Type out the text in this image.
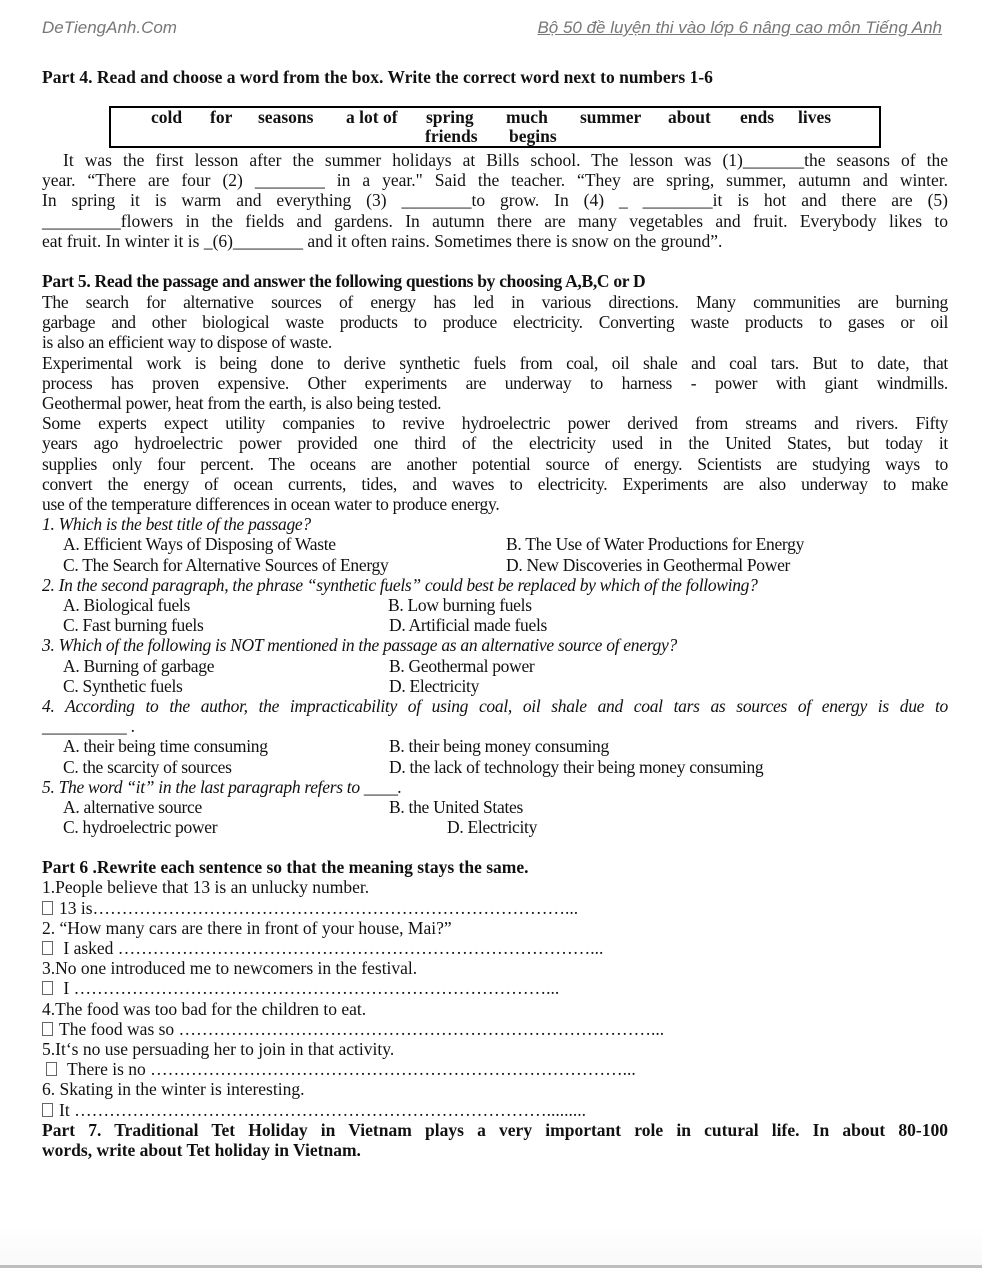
DeTiengAnh.Com	Bộ 50 đề luyện thi vào lớp 6 nâng cao môn Tiếng Anh
Part 4. Read and choose a word from the box. Write the correct word next to numbers 1-6
cold for seasons a lot of spring much summer about ends lives
friends begins
It was the first lesson after the summer holidays at Bills school. The lesson was (1)_______the seasons of the
year. “There are four (2) ________ in a year." Said the teacher. “They are spring, summer, autumn and winter.
In spring it is warm and everything (3) ________to grow. In (4) _ ________it is hot and there are (5)
_________flowers in the fields and gardens. In autumn there are many vegetables and fruit. Everybody likes to
eat fruit. In winter it is _(6)________ and it often rains. Sometimes there is snow on the ground”.
Part 5. Read the passage and answer the following questions by choosing A,B,C or D
The search for alternative sources of energy has led in various directions. Many communities are burning
garbage and other biological waste products to produce electricity. Converting waste products to gases or oil
is also an efficient way to dispose of waste.
Experimental work is being done to derive synthetic fuels from coal, oil shale and coal tars. But to date, that
process has proven expensive. Other experiments are underway to harness - power with giant windmills.
Geothermal power, heat from the earth, is also being tested.
Some experts expect utility companies to revive hydroelectric power derived from streams and rivers. Fifty
years ago hydroelectric power provided one third of the electricity used in the United States, but today it
supplies only four percent. The oceans are another potential source of energy. Scientists are studying ways to
convert the energy of ocean currents, tides, and waves to electricity. Experiments are also underway to make
use of the temperature differences in ocean water to produce energy.
1. Which is the best title of the passage?
A. Efficient Ways of Disposing of Waste	B. The Use of Water Productions for Energy
C. The Search for Alternative Sources of Energy	D. New Discoveries in Geothermal Power
2. In the second paragraph, the phrase “synthetic fuels” could best be replaced by which of the following?
A. Biological fuels	B. Low burning fuels
C. Fast burning fuels	D. Artificial made fuels
3. Which of the following is NOT mentioned in the passage as an alternative source of energy?
A. Burning of garbage	B. Geothermal power
C. Synthetic fuels	D. Electricity
4. According to the author, the impracticability of using coal, oil shale and coal tars as sources of energy is due to
__________ .
A. their being time consuming	B. their being money consuming
C. the scarcity of sources	D. the lack of technology their being money consuming
5. The word “it” in the last paragraph refers to ____.
A. alternative source	B. the United States
C. hydroelectric power	D. Electricity
Part 6 .Rewrite each sentence so that the meaning stays the same.
1.People believe that 13 is an unlucky number.
13 is………………………………………………………………………...
2. “How many cars are there in front of your house, Mai?”
I asked ………………………………………………………………………...
3.No one introduced me to newcomers in the festival.
I ………………………………………………………………………...
4.The food was too bad for the children to eat.
The food was so ………………………………………………………………………...
5.It‘s no use persuading her to join in that activity.
There is no ………………………………………………………………………...
6. Skating in the winter is interesting.
It ……………………………………………………………………….........
Part 7. Traditional Tet Holiday in Vietnam plays a very important role in cutural life. In about 80-100
words, write about Tet holiday in Vietnam.
